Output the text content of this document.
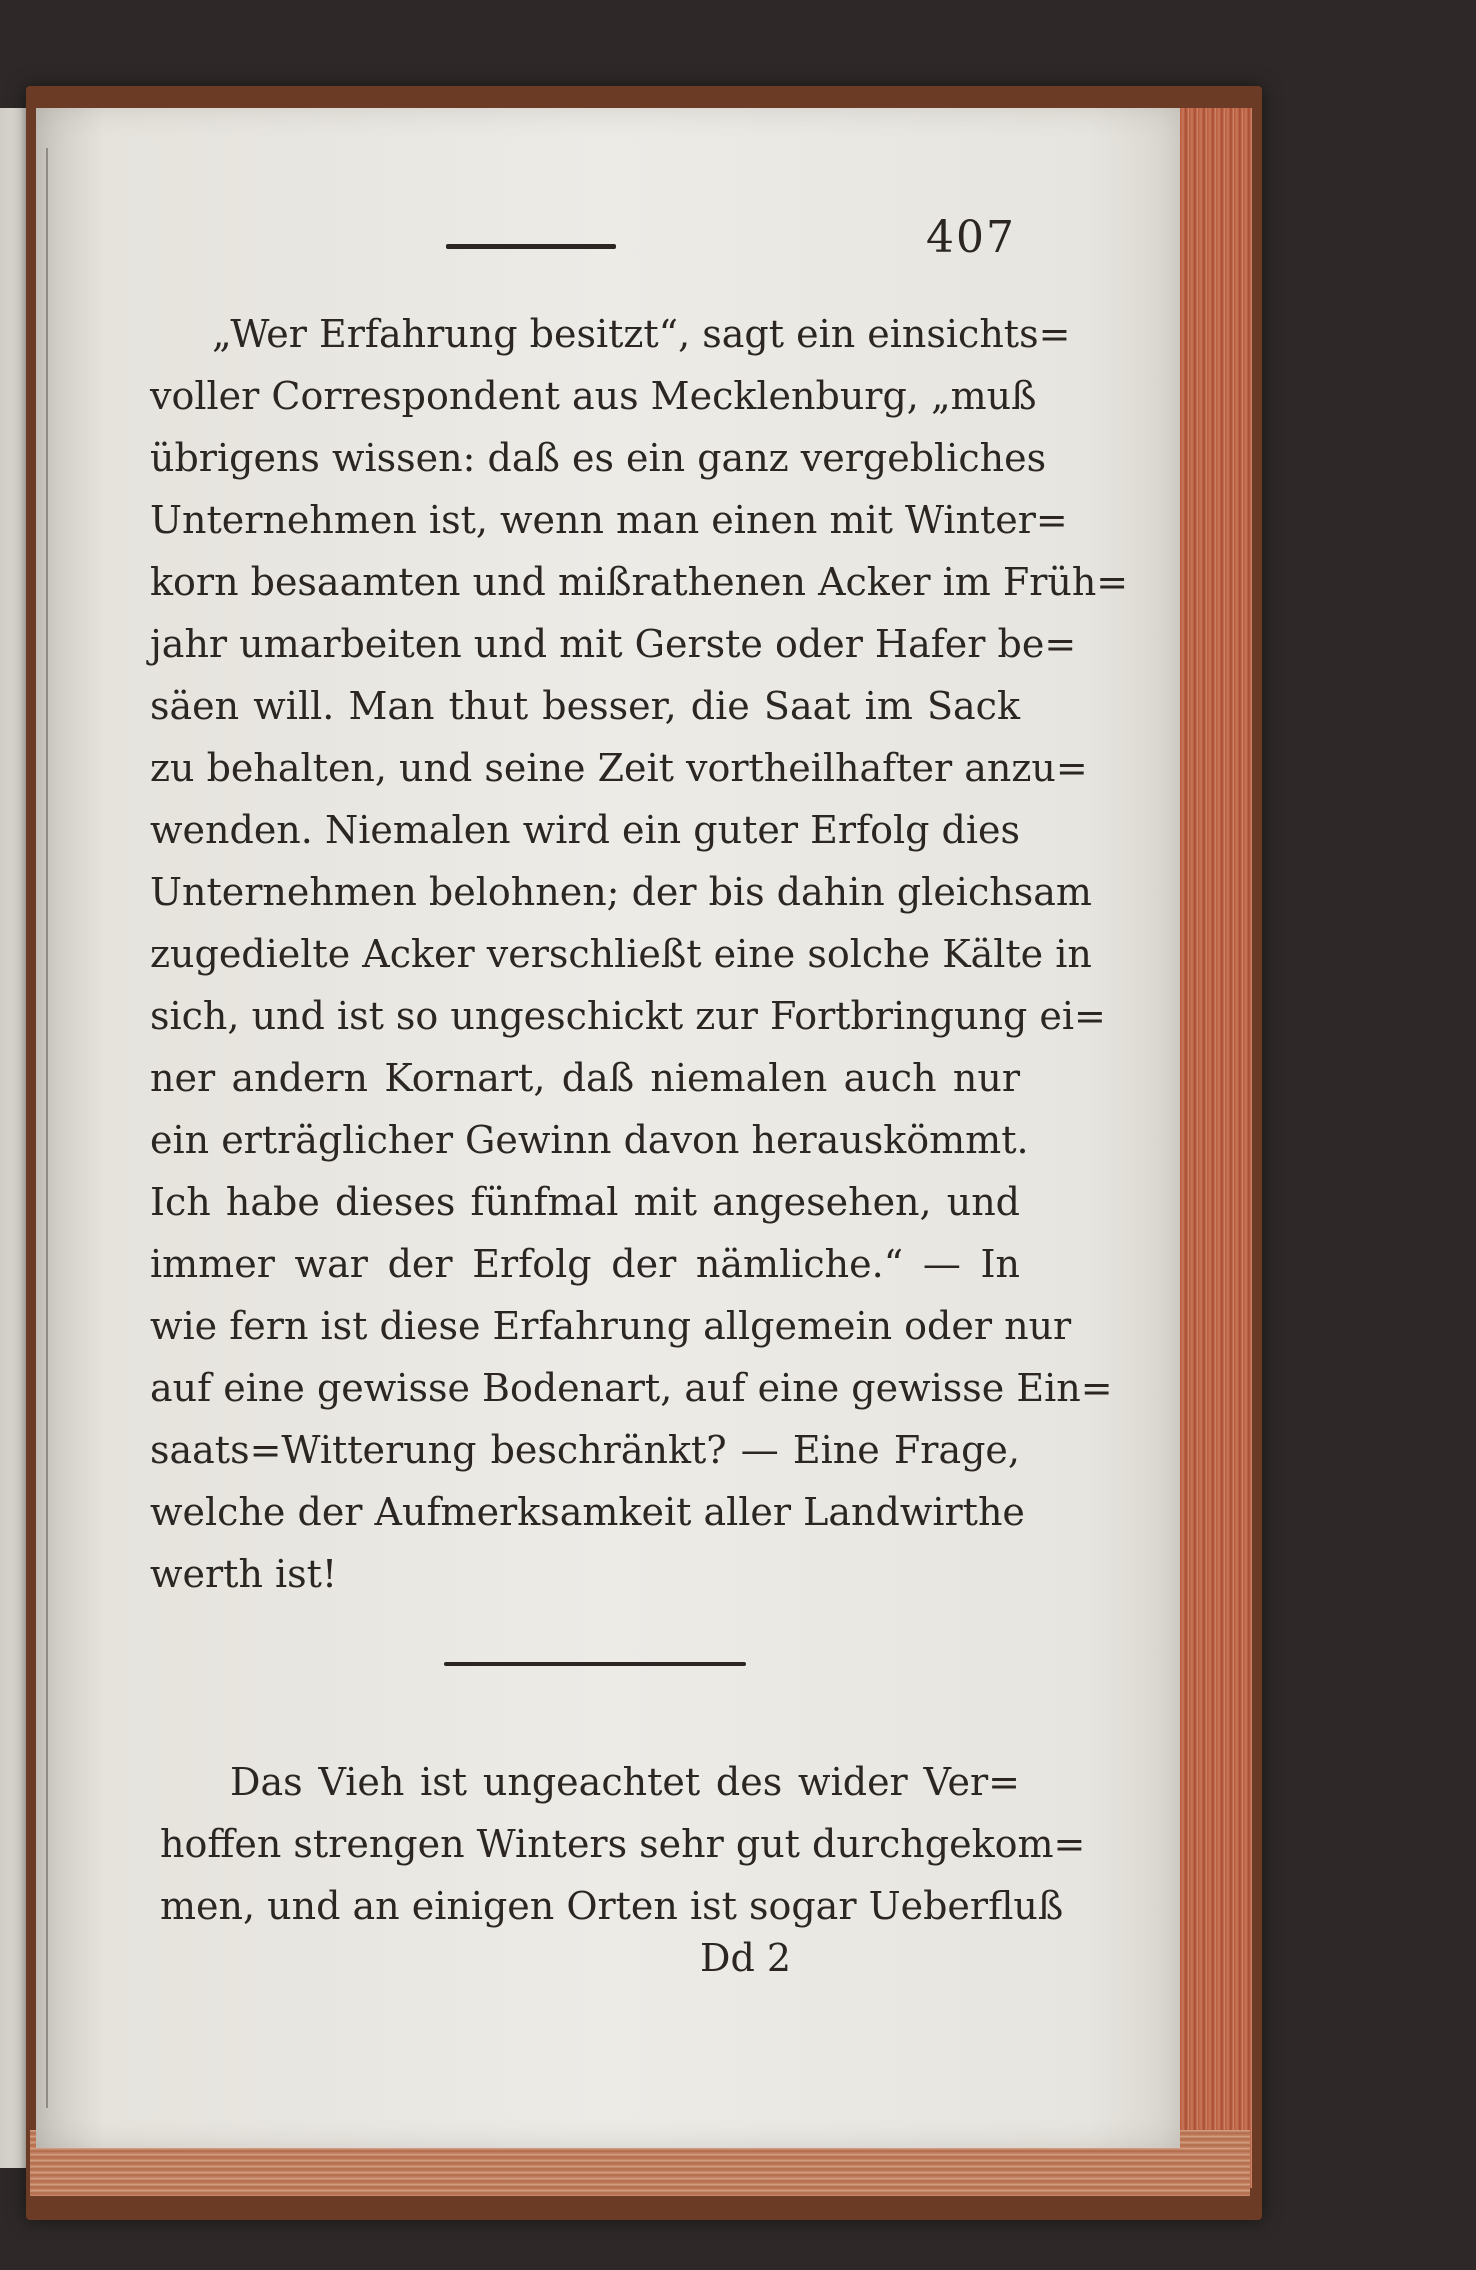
407
„Wer Erfahrung besitzt“, sagt ein einsichts=
voller Correspondent aus Mecklenburg, „muß
übrigens wissen: daß es ein ganz vergebliches
Unternehmen ist, wenn man einen mit Winter=
korn besaamten und mißrathenen Acker im Früh=
jahr umarbeiten und mit Gerste oder Hafer be=
säen will. Man thut besser, die Saat im Sack
zu behalten, und seine Zeit vortheilhafter anzu=
wenden. Niemalen wird ein guter Erfolg dies
Unternehmen belohnen; der bis dahin gleichsam
zugedielte Acker verschließt eine solche Kälte in
sich, und ist so ungeschickt zur Fortbringung ei=
ner andern Kornart, daß niemalen auch nur
ein erträglicher Gewinn davon herauskömmt.
Ich habe dieses fünfmal mit angesehen, und
immer war der Erfolg der nämliche.“ — In
wie fern ist diese Erfahrung allgemein oder nur
auf eine gewisse Bodenart, auf eine gewisse Ein=
saats=Witterung beschränkt? — Eine Frage,
welche der Aufmerksamkeit aller Landwirthe
werth ist!
Das Vieh ist ungeachtet des wider Ver=
hoffen strengen Winters sehr gut durchgekom=
men, und an einigen Orten ist sogar Ueberfluß
Dd 2
